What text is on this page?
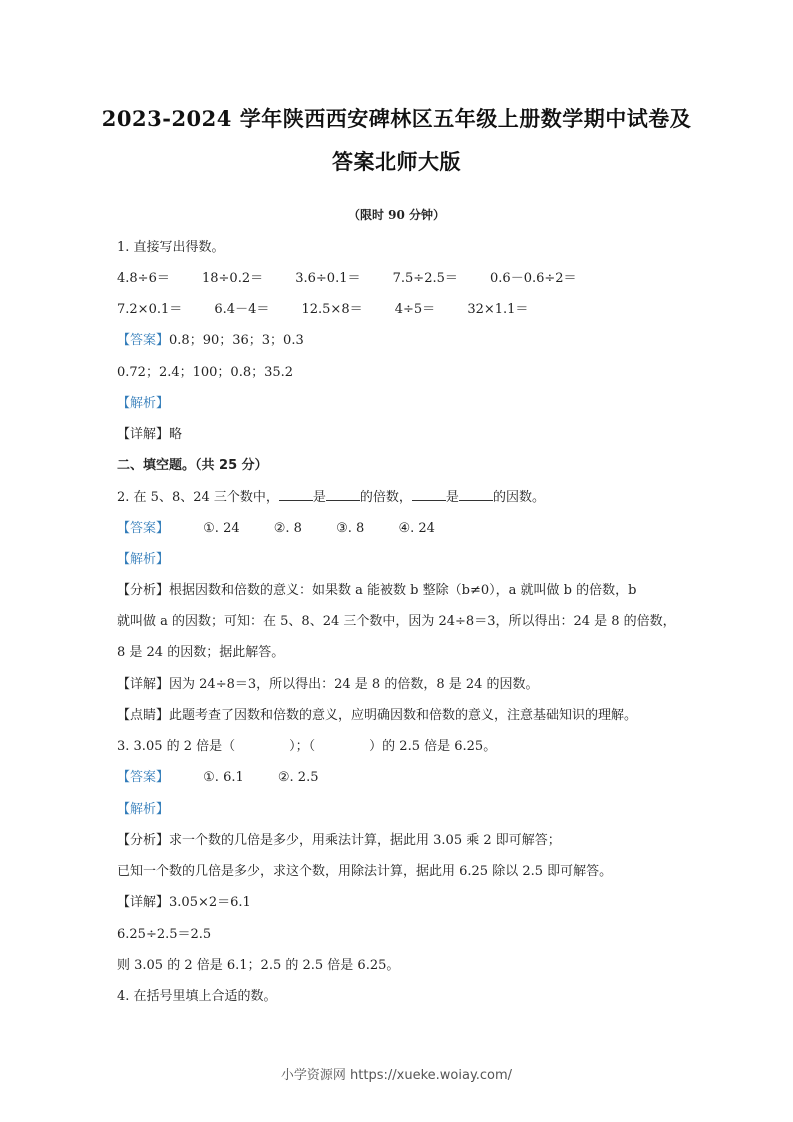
2023-2024 学年陕西西安碑林区五年级上册数学期中试卷及
答案北师大版
（限时 90 分钟）
1. 直接写出得数。
4.8÷6＝ 18÷0.2＝ 3.6÷0.1＝ 7.5÷2.5＝ 0.6－0.6÷2＝
7.2×0.1＝ 6.4－4＝ 12.5×8＝ 4÷5＝ 32×1.1＝
【答案】0.8；90；36；3；0.3
0.72；2.4；100；0.8；35.2
【解析】
【详解】略
二、填空题。（共 25 分）
2. 在 5、8、24 三个数中，	是	的倍数，	是	的因数。
【答案】	①. 24	②. 8	③. 8	④. 24
【解析】
【分析】根据因数和倍数的意义：如果数 a 能被数 b 整除（b≠0），a 就叫做 b 的倍数，b
就叫做 a 的因数；可知：在 5、8、24 三个数中，因为 24÷8＝3，所以得出：24 是 8 的倍数，
8 是 24 的因数；据此解答。
【详解】因为 24÷8＝3，所以得出：24 是 8 的倍数，8 是 24 的因数。
【点睛】此题考查了因数和倍数的意义，应明确因数和倍数的意义，注意基础知识的理解。
3. 3.05 的 2 倍是（	）；（	）的 2.5 倍是 6.25。
【答案】	①. 6.1	②. 2.5
【解析】
【分析】求一个数的几倍是多少，用乘法计算，据此用 3.05 乘 2 即可解答；
已知一个数的几倍是多少，求这个数，用除法计算，据此用 6.25 除以 2.5 即可解答。
【详解】3.05×2＝6.1
6.25÷2.5＝2.5
则 3.05 的 2 倍是 6.1；2.5 的 2.5 倍是 6.25。
4. 在括号里填上合适的数。
小学资源网 https://xueke.woiay.com/
